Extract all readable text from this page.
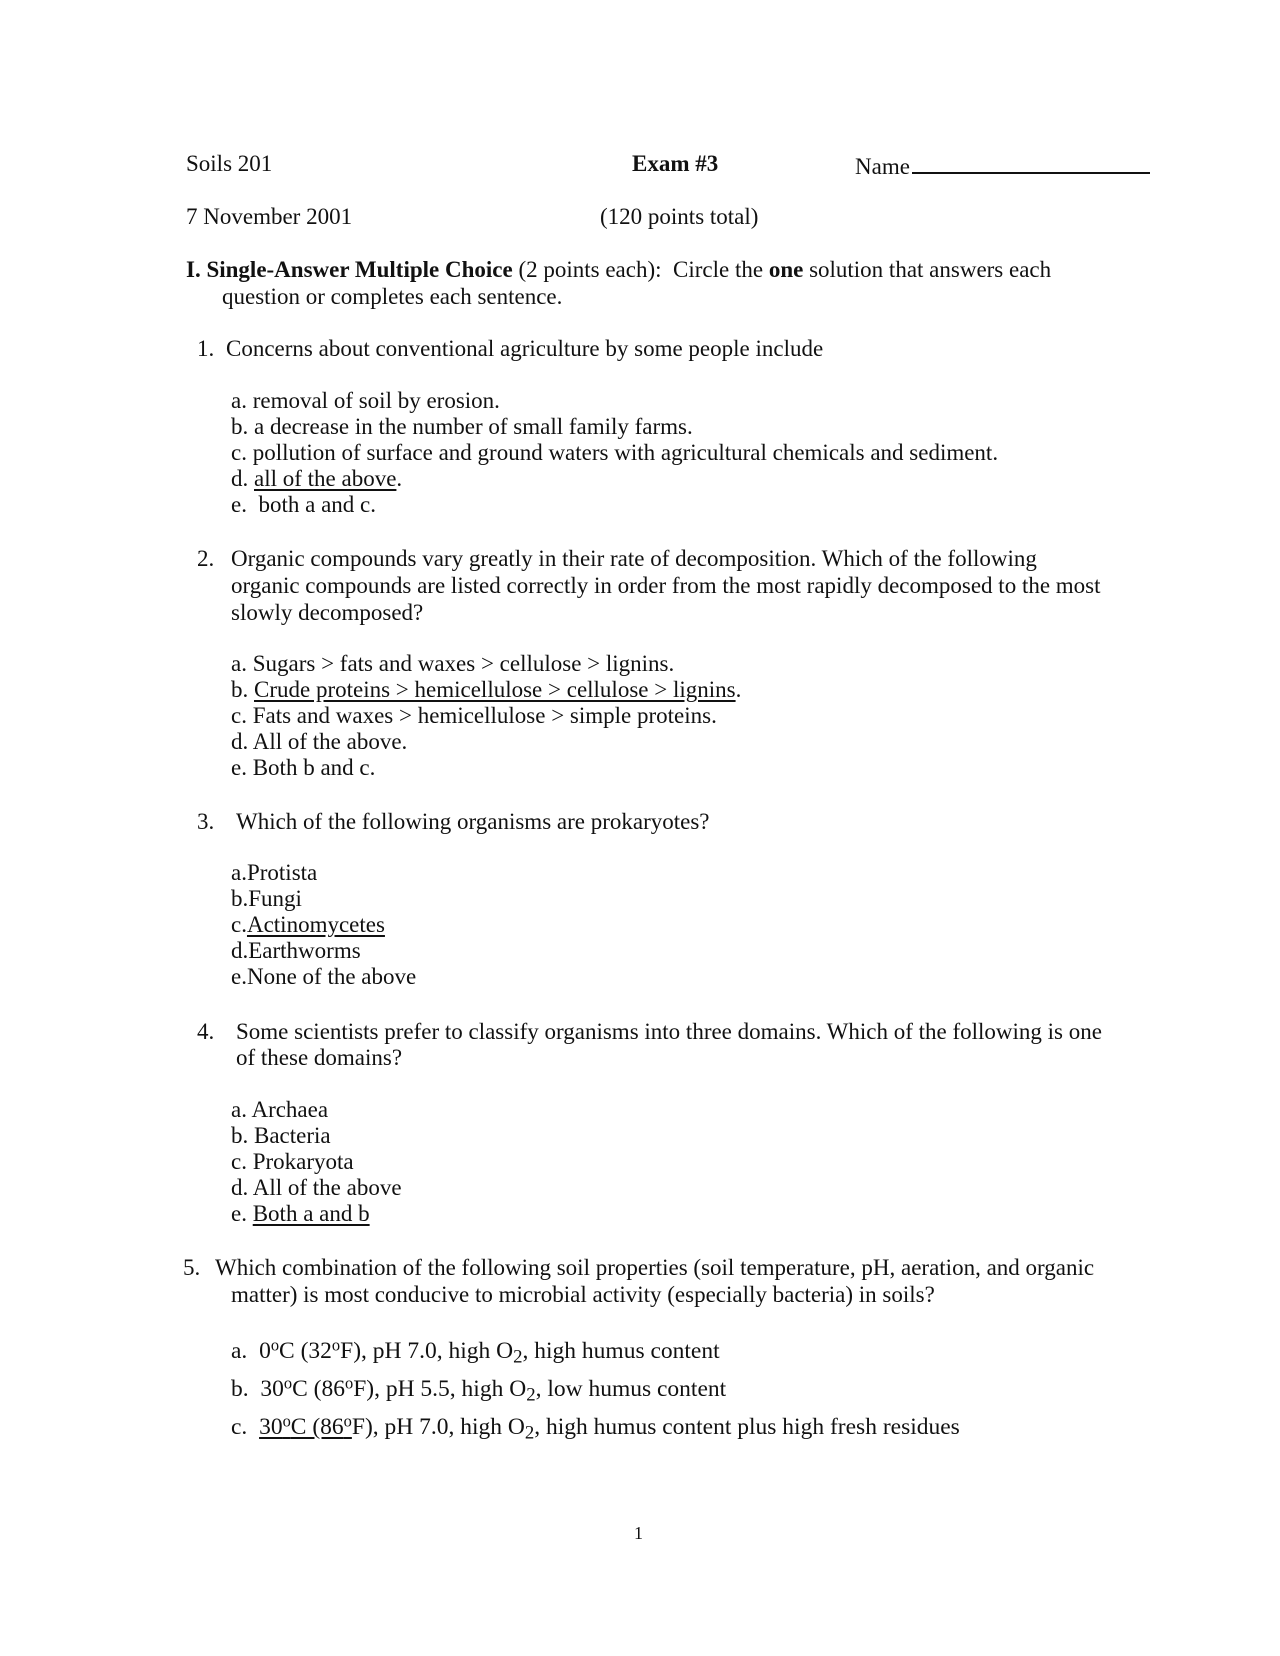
Soils 201	Exam #3	Name
7 November 2001	(120 points total)
I. Single-Answer Multiple Choice (2 points each):  Circle the one solution that answers each
question or completes each sentence.
1. Concerns about conventional agriculture by some people include
a. removal of soil by erosion.
b. a decrease in the number of small family farms.
c. pollution of surface and ground waters with agricultural chemicals and sediment.
d. all of the above.
e. both a and c.
2. Organic compounds vary greatly in their rate of decomposition. Which of the following
organic compounds are listed correctly in order from the most rapidly decomposed to the most
slowly decomposed?
a. Sugars > fats and waxes > cellulose > lignins.
b. Crude proteins > hemicellulose > cellulose > lignins.
c. Fats and waxes > hemicellulose > simple proteins.
d. All of the above.
e. Both b and c.
3. Which of the following organisms are prokaryotes?
a.Protista
b.Fungi
c.Actinomycetes
d.Earthworms
e.None of the above
4. Some scientists prefer to classify organisms into three domains. Which of the following is one
of these domains?
a. Archaea
b. Bacteria
c. Prokaryota
d. All of the above
e. Both a and b
5. Which combination of the following soil properties (soil temperature, pH, aeration, and organic
matter) is most conducive to microbial activity (especially bacteria) in soils?
a. 0$^o$C (32$^o$F), pH 7.0, high $O_2$, high humus content
b. 30$^o$C (86$^o$F), pH 5.5, high $O_2$, low humus content
c. 30$^o$C (86$^o$F), pH 7.0, high $O_2$, high humus content plus high fresh residues
1
